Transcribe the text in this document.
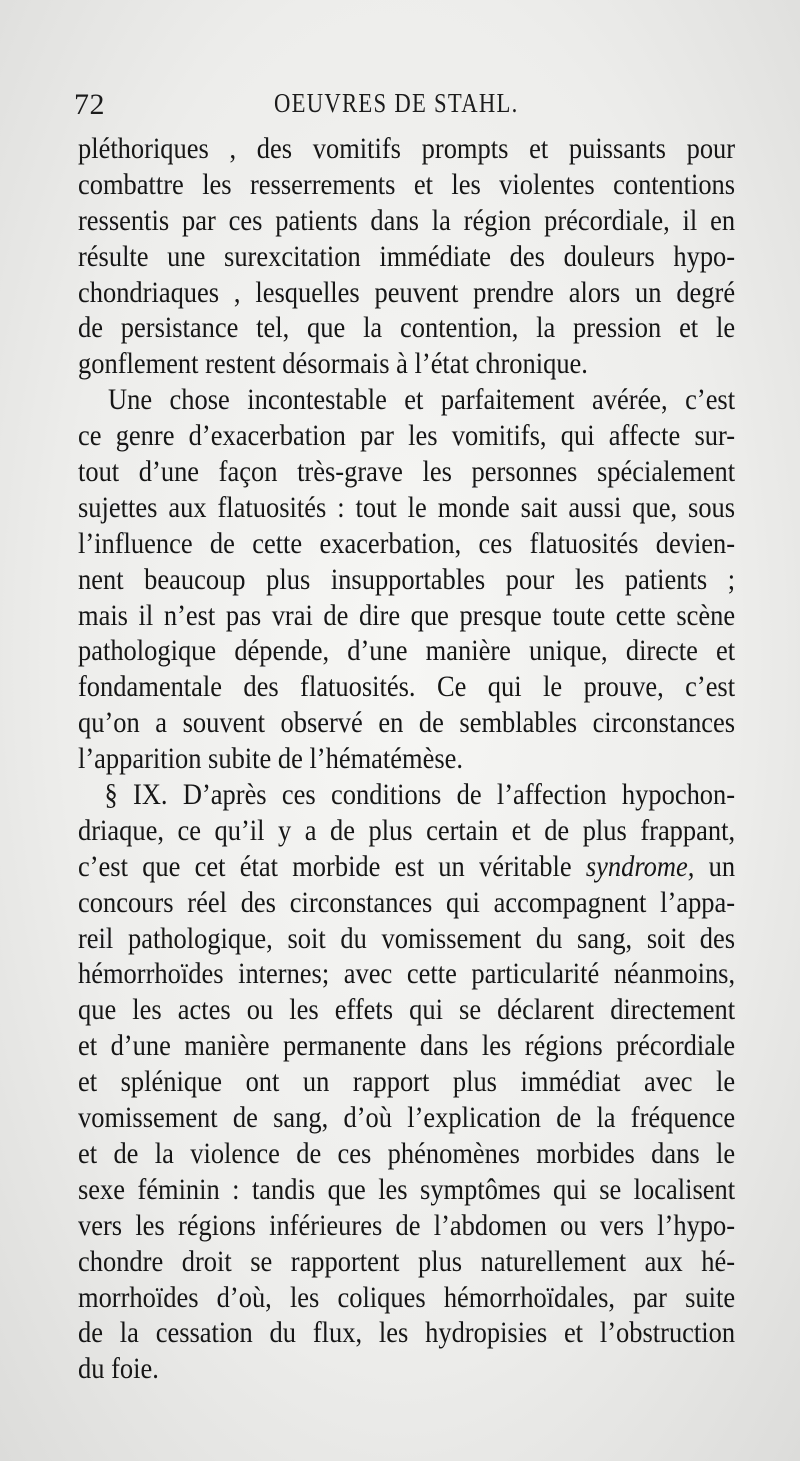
72	OEUVRES DE STAHL.
pléthoriques , des vomitifs prompts et puissants pour
combattre les resserrements et les violentes contentions
ressentis par ces patients dans la région précordiale, il en
résulte une surexcitation immédiate des douleurs hypo-
chondriaques , lesquelles peuvent prendre alors un degré
de persistance tel, que la contention, la pression et le
gonflement restent désormais à l’état chronique.
Une chose incontestable et parfaitement avérée, c’est
ce genre d’exacerbation par les vomitifs, qui affecte sur-
tout d’une façon très-grave les personnes spécialement
sujettes aux flatuosités : tout le monde sait aussi que, sous
l’influence de cette exacerbation, ces flatuosités devien-
nent beaucoup plus insupportables pour les patients ;
mais il n’est pas vrai de dire que presque toute cette scène
pathologique dépende, d’une manière unique, directe et
fondamentale des flatuosités. Ce qui le prouve, c’est
qu’on a souvent observé en de semblables circonstances
l’apparition subite de l’hématémèse.
§ IX. D’après ces conditions de l’affection hypochon-
driaque, ce qu’il y a de plus certain et de plus frappant,
c’est que cet état morbide est un véritable syndrome, un
concours réel des circonstances qui accompagnent l’appa-
reil pathologique, soit du vomissement du sang, soit des
hémorrhoïdes internes; avec cette particularité néanmoins,
que les actes ou les effets qui se déclarent directement
et d’une manière permanente dans les régions précordiale
et splénique ont un rapport plus immédiat avec le
vomissement de sang, d’où l’explication de la fréquence
et de la violence de ces phénomènes morbides dans le
sexe féminin : tandis que les symptômes qui se localisent
vers les régions inférieures de l’abdomen ou vers l’hypo-
chondre droit se rapportent plus naturellement aux hé-
morrhoïdes d’où, les coliques hémorrhoïdales, par suite
de la cessation du flux, les hydropisies et l’obstruction
du foie.
